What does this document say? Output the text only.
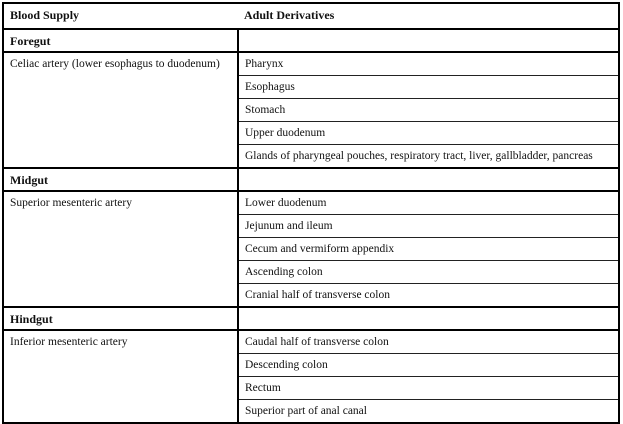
Blood Supply	Adult Derivatives
Foregut	
Celiac artery (lower esophagus to duodenum)	Pharynx
	Esophagus
	Stomach
	Upper duodenum
	Glands of pharyngeal pouches, respiratory tract, liver, gallbladder, pancreas
Midgut	
Superior mesenteric artery	Lower duodenum
	Jejunum and ileum
	Cecum and vermiform appendix
	Ascending colon
	Cranial half of transverse colon
Hindgut	
Inferior mesenteric artery	Caudal half of transverse colon
	Descending colon
	Rectum
	Superior part of anal canal
